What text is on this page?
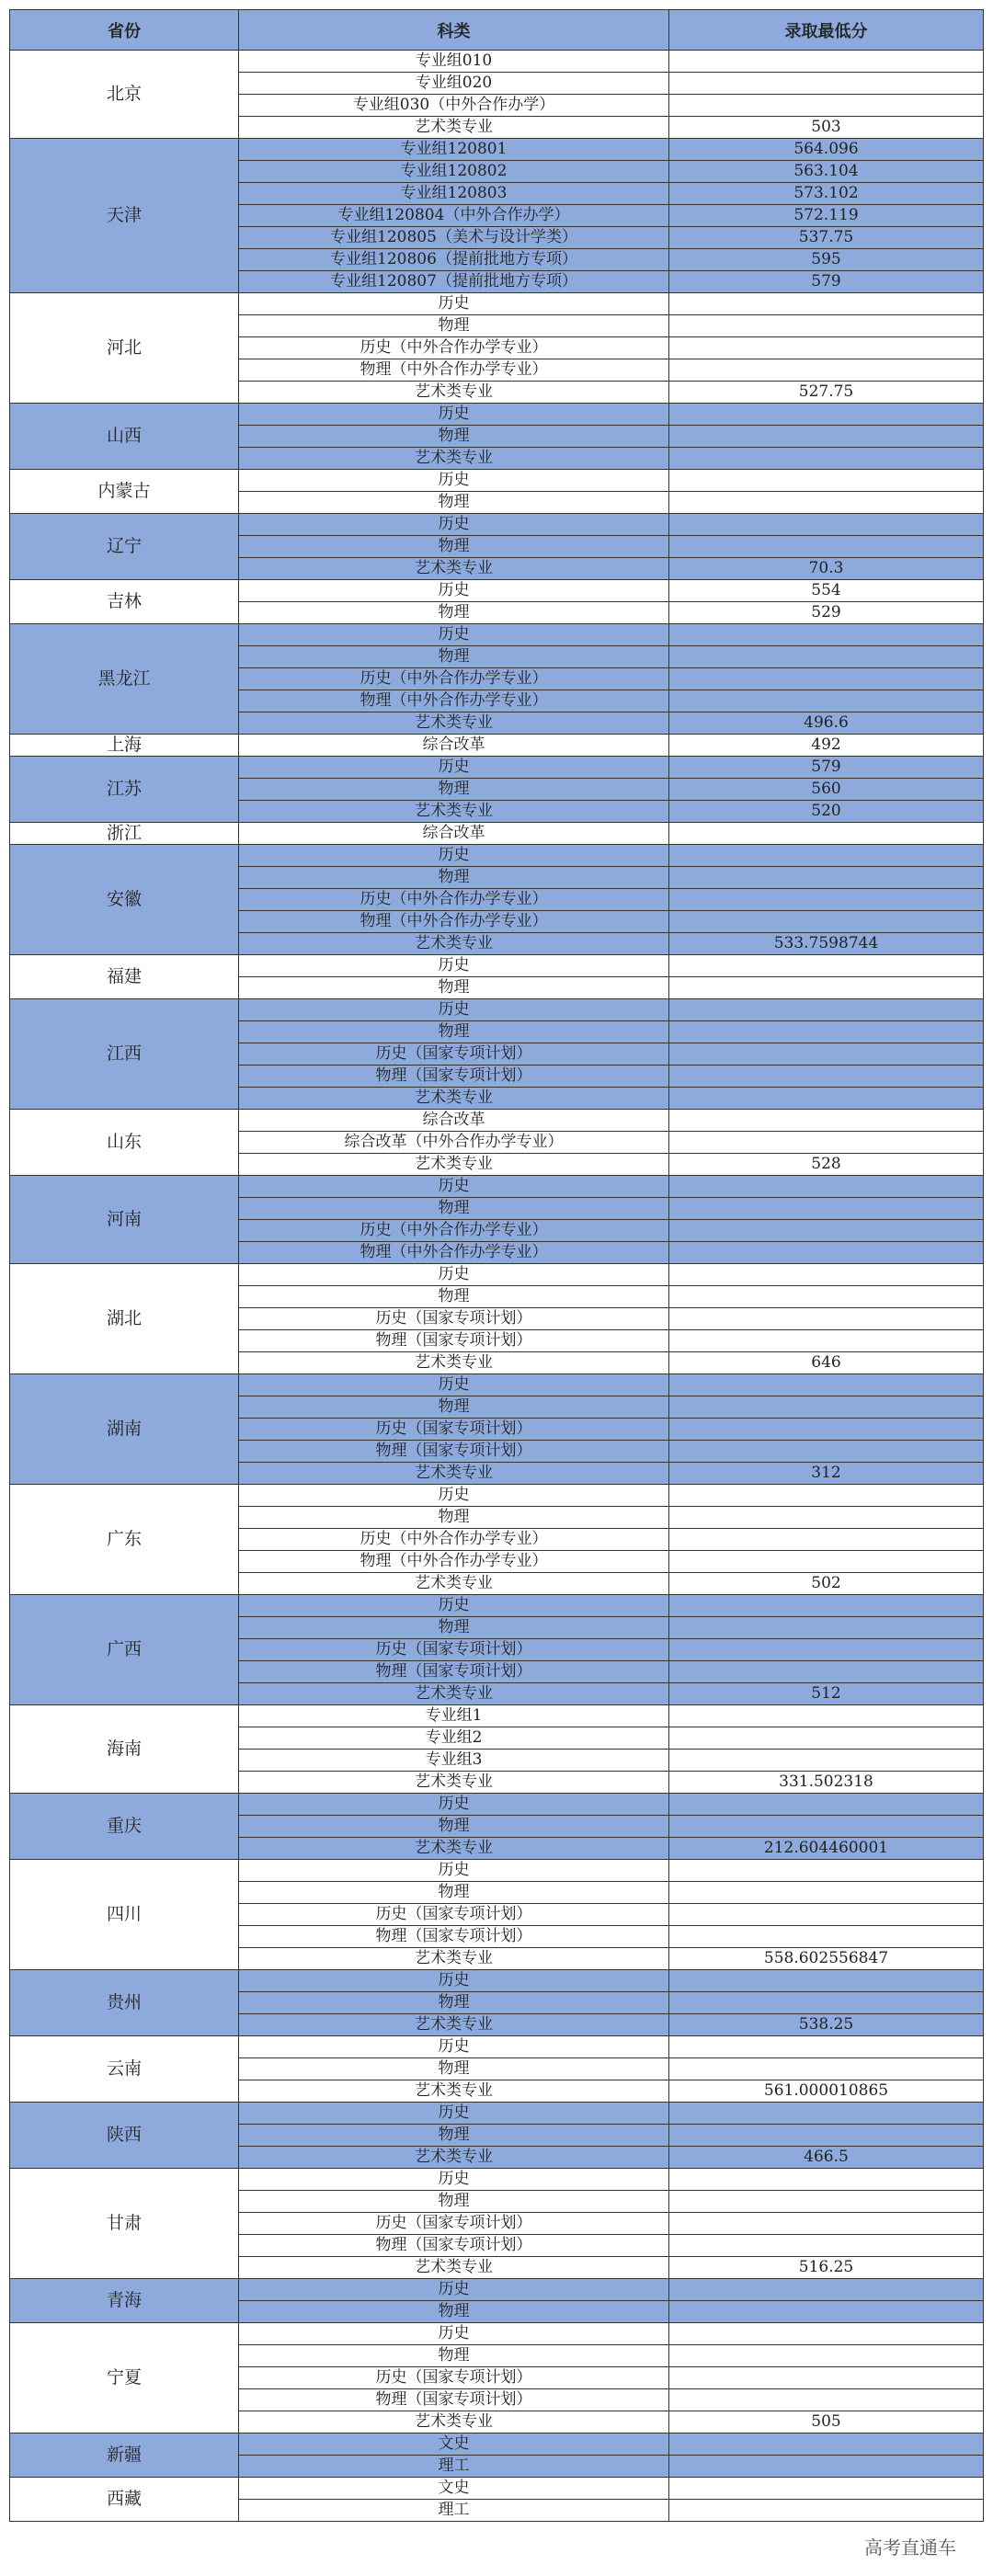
省份	科类	录取最低分
北京	专业组010	
	专业组020	
	专业组030（中外合作办学）	
	艺术类专业	503
天津	专业组120801	564.096
	专业组120802	563.104
	专业组120803	573.102
	专业组120804（中外合作办学）	572.119
	专业组120805（美术与设计学类）	537.75
	专业组120806（提前批地方专项）	595
	专业组120807（提前批地方专项）	579
河北	历史	
	物理	
	历史（中外合作办学专业）	
	物理（中外合作办学专业）	
	艺术类专业	527.75
山西	历史	
	物理	
	艺术类专业	
内蒙古	历史	
	物理	
辽宁	历史	
	物理	
	艺术类专业	70.3
吉林	历史	554
	物理	529
黑龙江	历史	
	物理	
	历史（中外合作办学专业）	
	物理（中外合作办学专业）	
	艺术类专业	496.6
上海	综合改革	492
江苏	历史	579
	物理	560
	艺术类专业	520
浙江	综合改革	
安徽	历史	
	物理	
	历史（中外合作办学专业）	
	物理（中外合作办学专业）	
	艺术类专业	533.7598744
福建	历史	
	物理	
江西	历史	
	物理	
	历史（国家专项计划）	
	物理（国家专项计划）	
	艺术类专业	
山东	综合改革	
	综合改革（中外合作办学专业）	
	艺术类专业	528
河南	历史	
	物理	
	历史（中外合作办学专业）	
	物理（中外合作办学专业）	
湖北	历史	
	物理	
	历史（国家专项计划）	
	物理（国家专项计划）	
	艺术类专业	646
湖南	历史	
	物理	
	历史（国家专项计划）	
	物理（国家专项计划）	
	艺术类专业	312
广东	历史	
	物理	
	历史（中外合作办学专业）	
	物理（中外合作办学专业）	
	艺术类专业	502
广西	历史	
	物理	
	历史（国家专项计划）	
	物理（国家专项计划）	
	艺术类专业	512
海南	专业组1	
	专业组2	
	专业组3	
	艺术类专业	331.502318
重庆	历史	
	物理	
	艺术类专业	212.604460001
四川	历史	
	物理	
	历史（国家专项计划）	
	物理（国家专项计划）	
	艺术类专业	558.602556847
贵州	历史	
	物理	
	艺术类专业	538.25
云南	历史	
	物理	
	艺术类专业	561.000010865
陕西	历史	
	物理	
	艺术类专业	466.5
甘肃	历史	
	物理	
	历史（国家专项计划）	
	物理（国家专项计划）	
	艺术类专业	516.25
青海	历史	
	物理	
宁夏	历史	
	物理	
	历史（国家专项计划）	
	物理（国家专项计划）	
	艺术类专业	505
新疆	文史	
	理工	
西藏	文史	
	理工	
高考直通车
